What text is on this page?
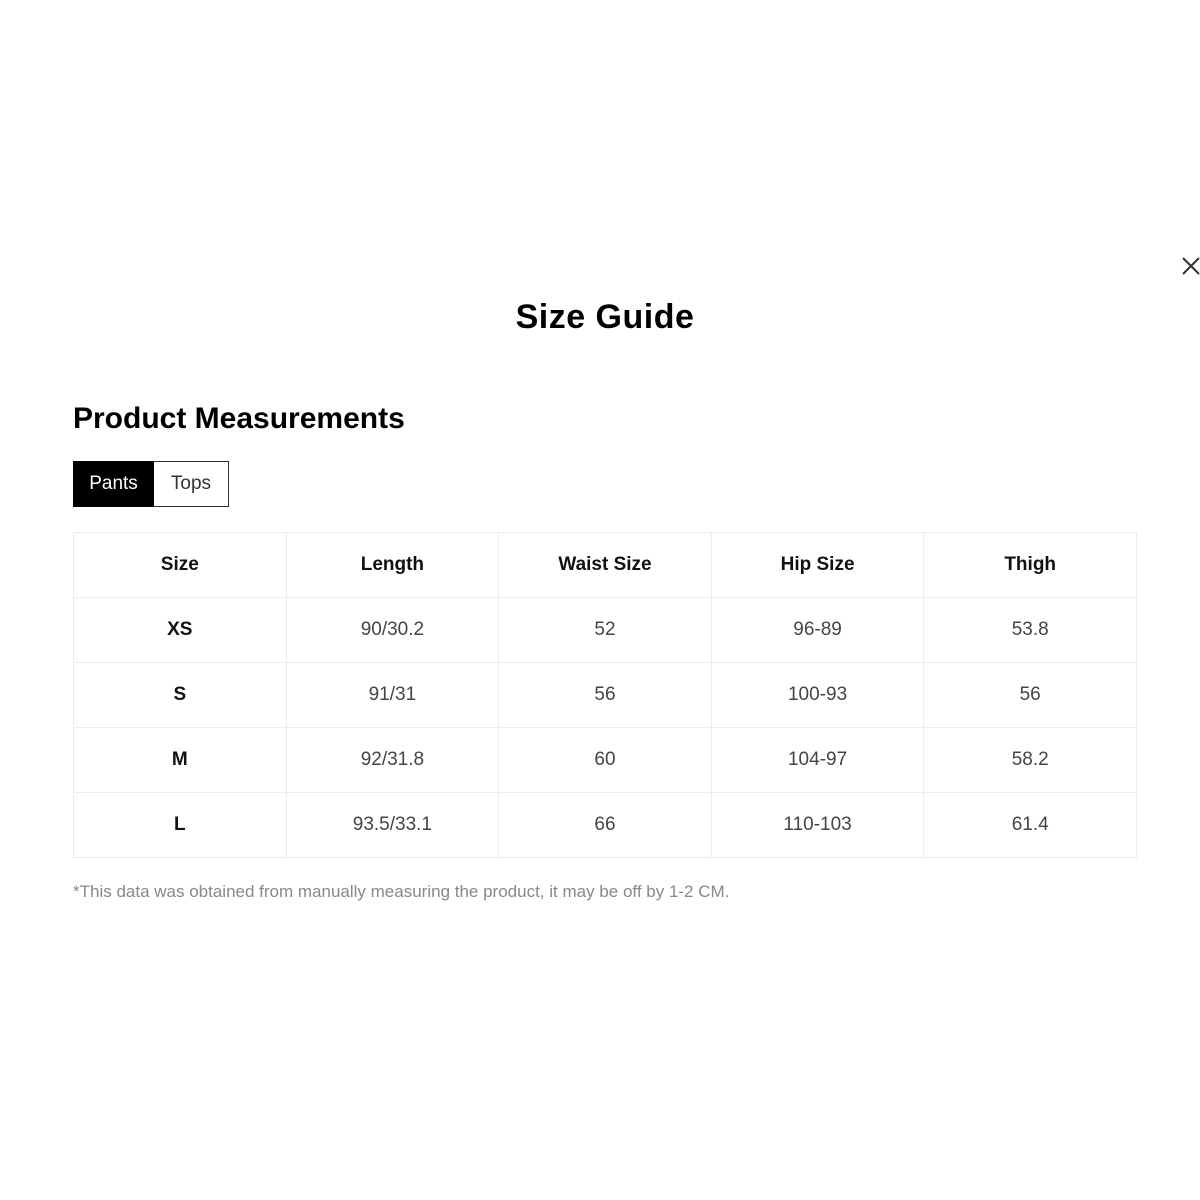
Size Guide
Product Measurements
Pants	Tops
Size	Length	Waist Size	Hip Size	Thigh
XS	90/30.2	52	96-89	53.8
S	91/31	56	100-93	56
M	92/31.8	60	104-97	58.2
L	93.5/33.1	66	110-103	61.4

*This data was obtained from manually measuring the product, it may be off by 1-2 CM.
